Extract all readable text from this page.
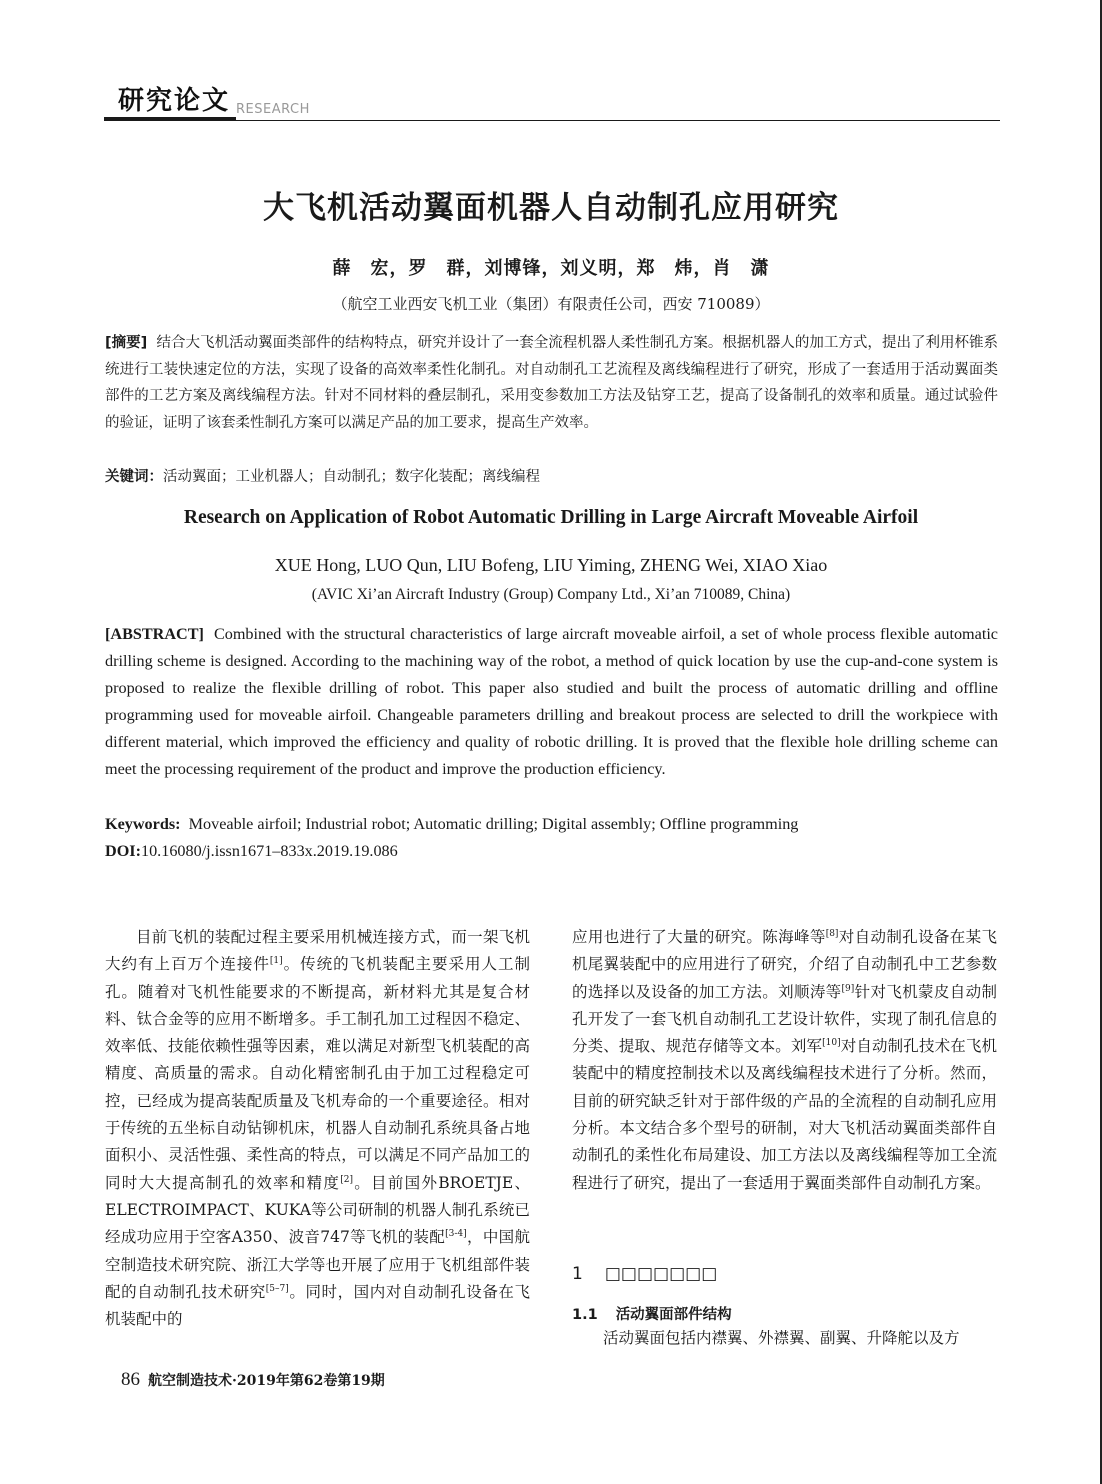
研究论文 RESEARCH
大飞机活动翼面机器人自动制孔应用研究
薛　宏，罗　群，刘博锋，刘义明，郑　炜，肖　潇
（航空工业西安飞机工业（集团）有限责任公司，西安 710089）
[摘要] 结合大飞机活动翼面类部件的结构特点，研究并设计了一套全流程机器人柔性制孔方案。根据机器人的加工方式，提出了利用杯锥系统进行工装快速定位的方法，实现了设备的高效率柔性化制孔。对自动制孔工艺流程及离线编程进行了研究，形成了一套适用于活动翼面类部件的工艺方案及离线编程方法。针对不同材料的叠层制孔，采用变参数加工方法及钻穿工艺，提高了设备制孔的效率和质量。通过试验件的验证，证明了该套柔性制孔方案可以满足产品的加工要求，提高生产效率。
关键词：活动翼面；工业机器人；自动制孔；数字化装配；离线编程
Research on Application of Robot Automatic Drilling in Large Aircraft Moveable Airfoil
XUE Hong, LUO Qun, LIU Bofeng, LIU Yiming, ZHENG Wei, XIAO Xiao
(AVIC Xi’an Aircraft Industry (Group) Company Ltd., Xi’an 710089, China)
[ABSTRACT] Combined with the structural characteristics of large aircraft moveable airfoil, a set of whole process flexible automatic drilling scheme is designed. According to the machining way of the robot, a method of quick location by use the cup-and-cone system is proposed to realize the flexible drilling of robot. This paper also studied and built the process of automatic drilling and offline programming used for moveable airfoil. Changeable parameters drilling and breakout process are selected to drill the workpiece with different material, which improved the efficiency and quality of robotic drilling. It is proved that the flexible hole drilling scheme can meet the processing requirement of the product and improve the production efficiency.
Keywords: Moveable airfoil; Industrial robot; Automatic drilling; Digital assembly; Offline programming
DOI:10.16080/j.issn1671–833x.2019.19.086

目前飞机的装配过程主要采用机械连接方式，而一架飞机大约有上百万个连接件[1]。传统的飞机装配主要采用人工制孔。随着对飞机性能要求的不断提高，新材料尤其是复合材料、钛合金等的应用不断增多。手工制孔加工过程因不稳定、效率低、技能依赖性强等因素，难以满足对新型飞机装配的高精度、高质量的需求。自动化精密制孔由于加工过程稳定可控，已经成为提高装配质量及飞机寿命的一个重要途径。相对于传统的五坐标自动钻铆机床，机器人自动制孔系统具备占地面积小、灵活性强、柔性高的特点，可以满足不同产品加工的同时大大提高制孔的效率和精度[2]。目前国外BROETJE、ELECTROIMPACT、KUKA等公司研制的机器人制孔系统已经成功应用于空客A350、波音747等飞机的装配[3-4]，中国航空制造技术研究院、浙江大学等也开展了应用于飞机组部件装配的自动制孔技术研究[5–7]。同时，国内对自动制孔设备在飞机装配中的

应用也进行了大量的研究。陈海峰等[8]对自动制孔设备在某飞机尾翼装配中的应用进行了研究，介绍了自动制孔中工艺参数的选择以及设备的加工方法。刘顺涛等[9]针对飞机蒙皮自动制孔开发了一套飞机自动制孔工艺设计软件，实现了制孔信息的分类、提取、规范存储等文本。刘军[10]对自动制孔技术在飞机装配中的精度控制技术以及离线编程技术进行了分析。然而，目前的研究缺乏针对于部件级的产品的全流程的自动制孔应用分析。本文结合多个型号的研制，对大飞机活动翼面类部件自动制孔的柔性化布局建设、加工方法以及离线编程等加工全流程进行了研究，提出了一套适用于翼面类部件自动制孔方案。

1 □□□□□□□
1.1 活动翼面部件结构
活动翼面包括内襟翼、外襟翼、副翼、升降舵以及方
86 航空制造技术·2019年第62卷第19期
